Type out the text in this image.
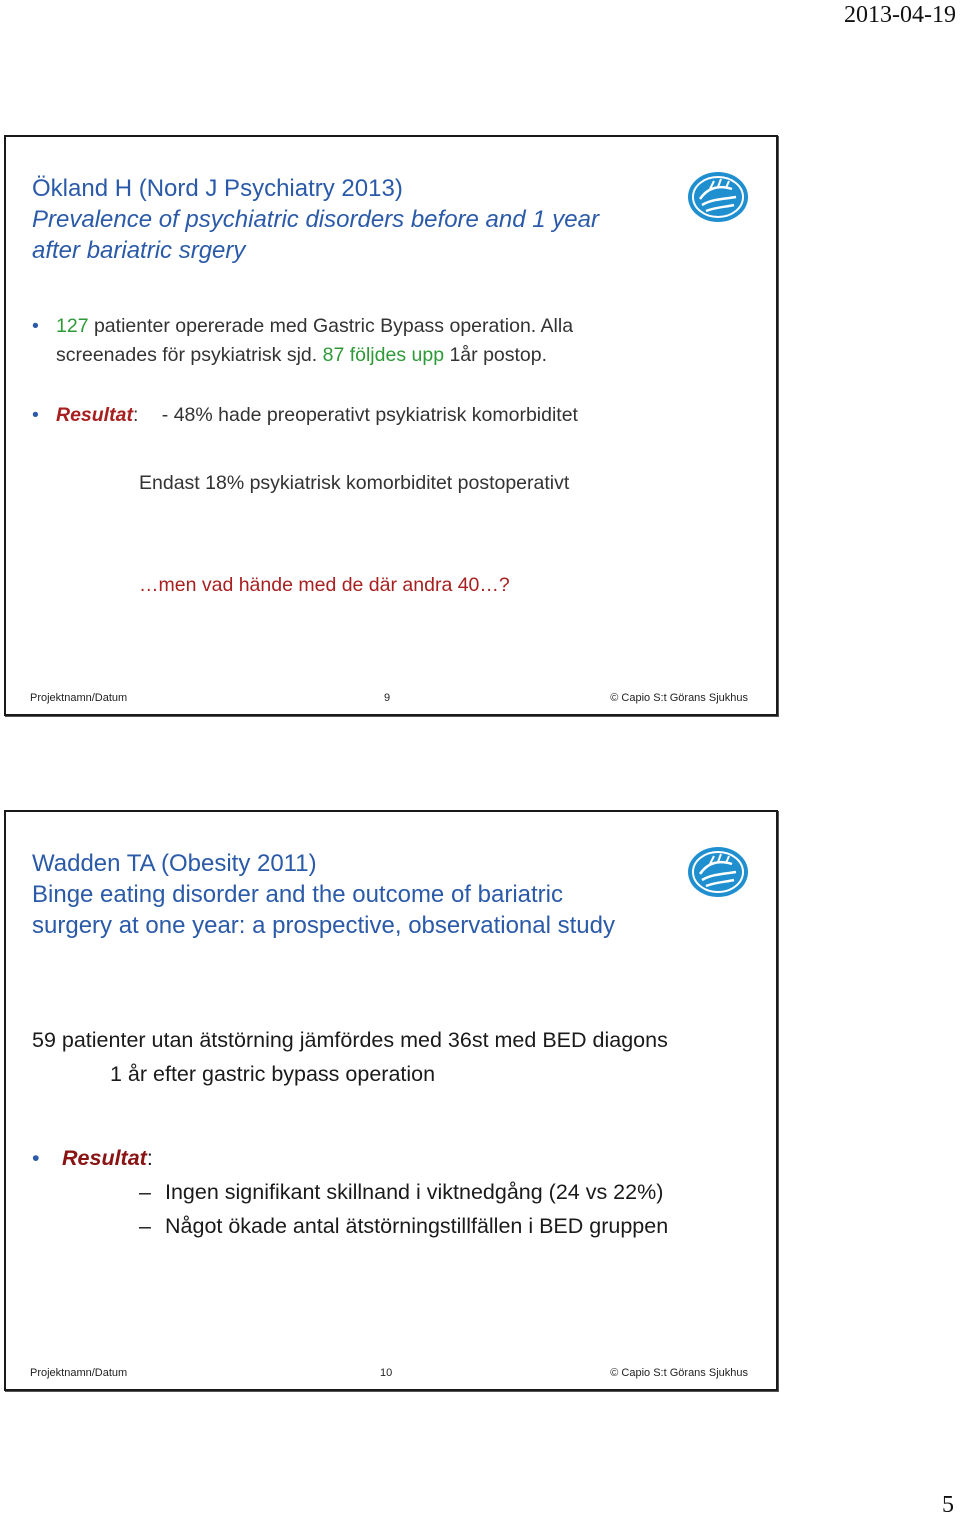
2013-04-19
Ökland H (Nord J Psychiatry 2013)
Prevalence of psychiatric disorders before and 1 year
after bariatric srgery
• 127 patienter opererade med Gastric Bypass operation. Alla
screenades för psykiatrisk sjd. 87 följdes upp 1år postop.
• Resultat: - 48% hade preoperativt psykiatrisk komorbiditet
Endast 18% psykiatrisk komorbiditet postoperativt
…men vad hände med de där andra 40…?
Projektnamn/Datum	9	© Capio S:t Görans Sjukhus
Wadden TA (Obesity 2011)
Binge eating disorder and the outcome of bariatric
surgery at one year: a prospective, observational study
59 patienter utan ätstörning jämfördes med 36st med BED diagons
1 år efter gastric bypass operation
• Resultat:
– Ingen signifikant skillnand i viktnedgång (24 vs 22%)
– Något ökade antal ätstörningstillfällen i BED gruppen
Projektnamn/Datum	10	© Capio S:t Görans Sjukhus
5
